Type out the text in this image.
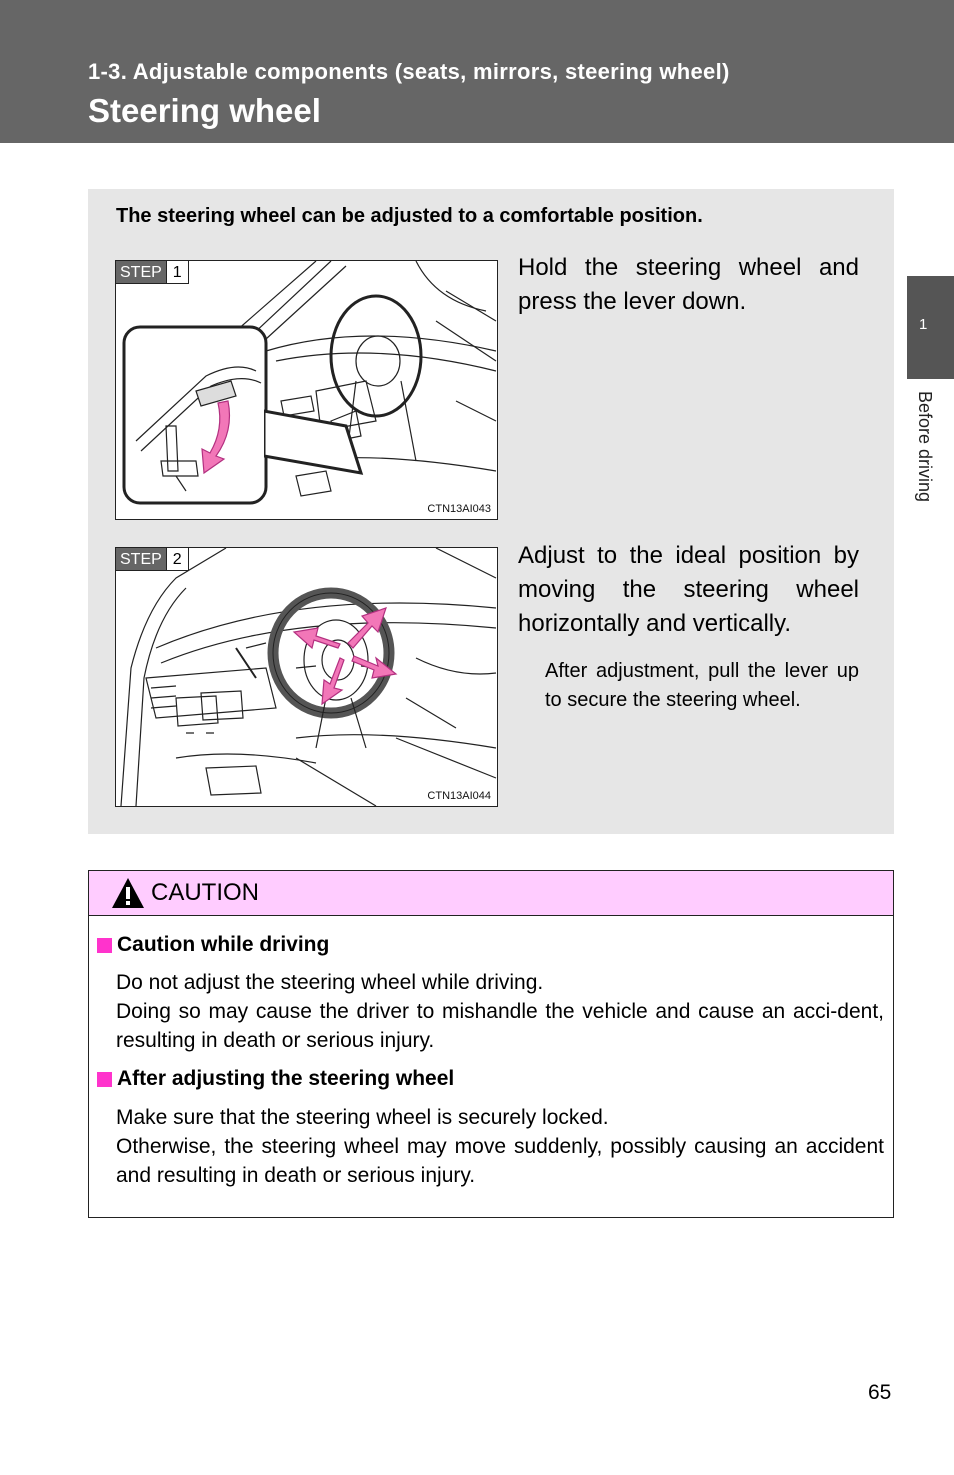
1-3. Adjustable components (seats, mirrors, steering wheel)
Steering wheel
1
Before driving
The steering wheel can be adjusted to a comfortable position.
STEP 1
CTN13AI043
Hold the steering wheel and press the lever down.
STEP 2
CTN13AI044
Adjust to the ideal position by moving the steering wheel horizontally and vertically.
After adjustment, pull the lever up to secure the steering wheel.
CAUTION
Caution while driving

Do not adjust the steering wheel while driving.

Doing so may cause the driver to mishandle the vehicle and cause an acci-dent, resulting in death or serious injury.

After adjusting the steering wheel

Make sure that the steering wheel is securely locked.

Otherwise, the steering wheel may move suddenly, possibly causing an accident and resulting in death or serious injury.

65
